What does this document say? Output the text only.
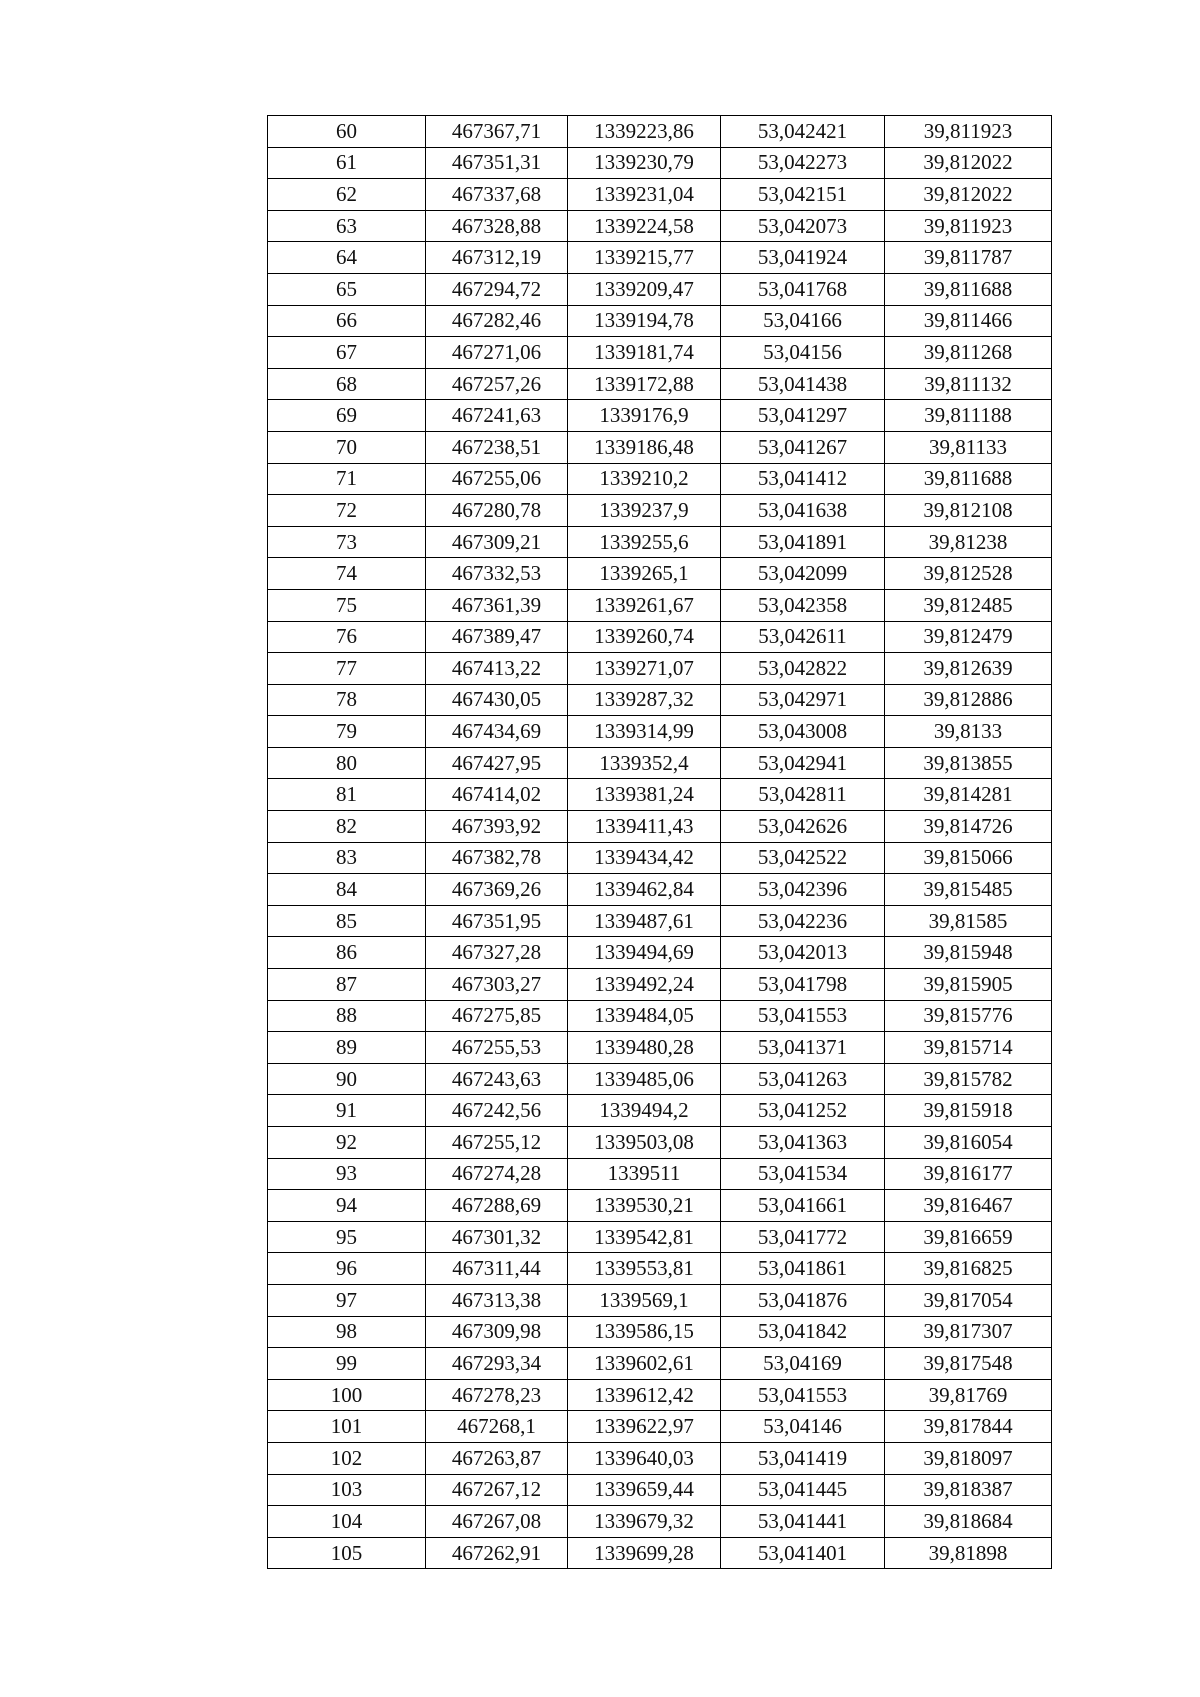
60	467367,71	1339223,86	53,042421	39,811923
61	467351,31	1339230,79	53,042273	39,812022
62	467337,68	1339231,04	53,042151	39,812022
63	467328,88	1339224,58	53,042073	39,811923
64	467312,19	1339215,77	53,041924	39,811787
65	467294,72	1339209,47	53,041768	39,811688
66	467282,46	1339194,78	53,04166	39,811466
67	467271,06	1339181,74	53,04156	39,811268
68	467257,26	1339172,88	53,041438	39,811132
69	467241,63	1339176,9	53,041297	39,811188
70	467238,51	1339186,48	53,041267	39,81133
71	467255,06	1339210,2	53,041412	39,811688
72	467280,78	1339237,9	53,041638	39,812108
73	467309,21	1339255,6	53,041891	39,81238
74	467332,53	1339265,1	53,042099	39,812528
75	467361,39	1339261,67	53,042358	39,812485
76	467389,47	1339260,74	53,042611	39,812479
77	467413,22	1339271,07	53,042822	39,812639
78	467430,05	1339287,32	53,042971	39,812886
79	467434,69	1339314,99	53,043008	39,8133
80	467427,95	1339352,4	53,042941	39,813855
81	467414,02	1339381,24	53,042811	39,814281
82	467393,92	1339411,43	53,042626	39,814726
83	467382,78	1339434,42	53,042522	39,815066
84	467369,26	1339462,84	53,042396	39,815485
85	467351,95	1339487,61	53,042236	39,81585
86	467327,28	1339494,69	53,042013	39,815948
87	467303,27	1339492,24	53,041798	39,815905
88	467275,85	1339484,05	53,041553	39,815776
89	467255,53	1339480,28	53,041371	39,815714
90	467243,63	1339485,06	53,041263	39,815782
91	467242,56	1339494,2	53,041252	39,815918
92	467255,12	1339503,08	53,041363	39,816054
93	467274,28	1339511	53,041534	39,816177
94	467288,69	1339530,21	53,041661	39,816467
95	467301,32	1339542,81	53,041772	39,816659
96	467311,44	1339553,81	53,041861	39,816825
97	467313,38	1339569,1	53,041876	39,817054
98	467309,98	1339586,15	53,041842	39,817307
99	467293,34	1339602,61	53,04169	39,817548
100	467278,23	1339612,42	53,041553	39,81769
101	467268,1	1339622,97	53,04146	39,817844
102	467263,87	1339640,03	53,041419	39,818097
103	467267,12	1339659,44	53,041445	39,818387
104	467267,08	1339679,32	53,041441	39,818684
105	467262,91	1339699,28	53,041401	39,81898
